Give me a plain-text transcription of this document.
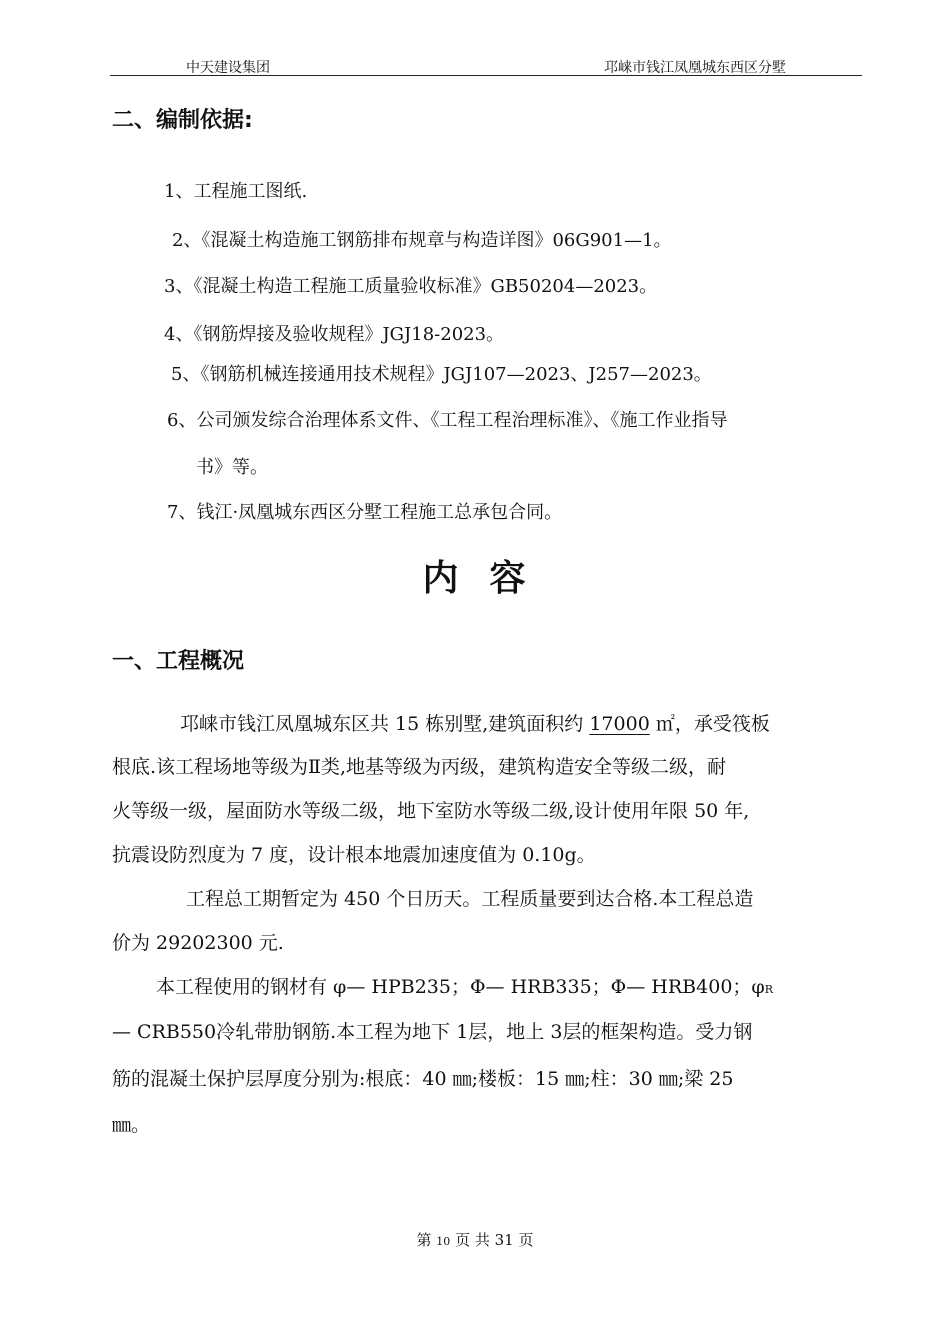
中天建设集团	邛崃市钱江凤凰城东西区分墅
二、编制依据:
1、工程施工图纸.
2、《混凝土构造施工钢筋排布规章与构造详图》06G901—1。
3、《混凝土构造工程施工质量验收标准》GB50204—2023。
4、《钢筋焊接及验收规程》JGJ18-2023。
5、《钢筋机械连接通用技术规程》JGJ107—2023、J257—2023。
6、公司颁发综合治理体系文件、《工程工程治理标准》、《施工作业指导
书》等。
7、钱江·凤凰城东西区分墅工程施工总承包合同。
内  容
一、工程概况
邛崃市钱江凤凰城东区共 15 栋别墅,建筑面积约 17000 ㎡，承受筏板
根底.该工程场地等级为Ⅱ类,地基等级为丙级，建筑构造安全等级二级，耐
火等级一级，屋面防水等级二级，地下室防水等级二级,设计使用年限 50 年,
抗震设防烈度为 7 度，设计根本地震加速度值为 0.10g。
工程总工期暂定为 450 个日历天。工程质量要到达合格.本工程总造
价为 29202300 元.
本工程使用的钢材有 φ— HPB235；Φ— HRB335；Φ— HRB400；φR
— CRB550冷轧带肋钢筋.本工程为地下 1层，地上 3层的框架构造。受力钢
筋的混凝土保护层厚度分别为:根底：40 ㎜;楼板：15 ㎜;柱：30 ㎜;梁 25
㎜。
第 10 页 共 31 页
